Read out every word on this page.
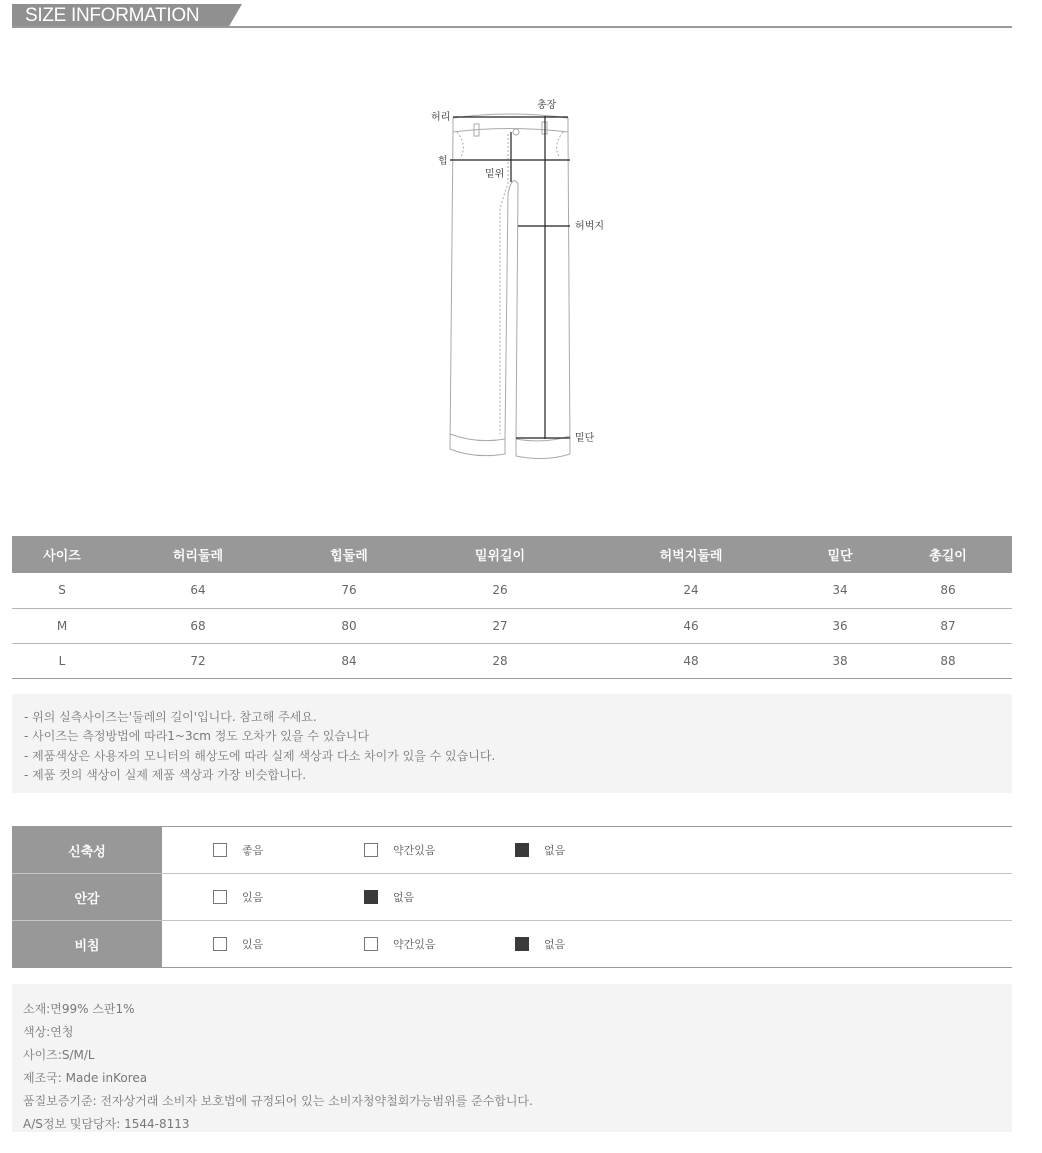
SIZE INFORMATION
허리
총장
힙
밑위
허벅지
밑단
사이즈	허리둘레	힙둘레	밑위길이	허벅지둘레	밑단	총길이
S	64	76	26	24	34	86
M	68	80	27	46	36	87
L	72	84	28	48	38	88
- 위의 실측사이즈는'둘레의 길이'입니다. 참고해 주세요.
- 사이즈는 측정방법에 따라1~3cm 정도 오차가 있을 수 있습니다
- 제품색상은 사용자의 모니터의 해상도에 따라 실제 색상과 다소 차이가 있을 수 있습니다.
- 제품 컷의 색상이 실제 제품 색상과 가장 비슷합니다.
신축성	좋음	약간있음	없음
안감	있음	없음
비침	있음	약간있음	없음
소재:면99% 스판1%
색상:연청
사이즈:S/M/L
제조국: Made inKorea
품질보증기준: 전자상거래 소비자 보호법에 규정되어 있는 소비자청약철회가능범위를 준수합니다.
A/S정보 및담당자: 1544-8113
